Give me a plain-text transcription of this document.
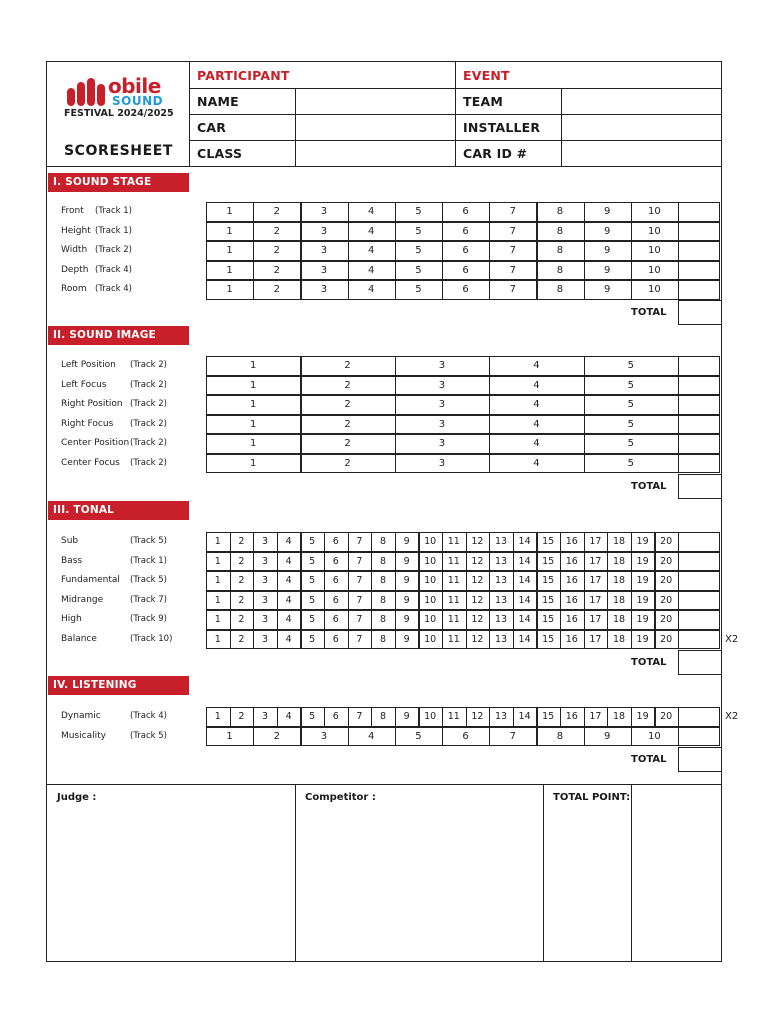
obile
SOUND
FESTIVAL 2024/2025
SCORESHEET
PARTICIPANT	EVENT
NAME	TEAM
CAR	INSTALLER
CLASS	CAR ID #
I. SOUND STAGE
Front (Track 1)	1	2	3	4	5	6	7	8	9	10
Height (Track 1)	1	2	3	4	5	6	7	8	9	10
Width (Track 2)	1	2	3	4	5	6	7	8	9	10
Depth (Track 4)	1	2	3	4	5	6	7	8	9	10
Room (Track 4)	1	2	3	4	5	6	7	8	9	10
TOTAL
II. SOUND IMAGE
Left Position (Track 2)	1	2	3	4	5
Left Focus	(Track 2)	1	2	3	4	5
Right Position (Track 2)	1	2	3	4	5
Right Focus (Track 2)	1	2	3	4	5
Center Position (Track 2)	1	2	3	4	5
Center Focus (Track 2)	1	2	3	4	5
TOTAL
III. TONAL
Sub	(Track 5)	1	2	3	4	5	6	7	8	9	10	11	12	13	14	15	16	17	18	19	20
Bass	(Track 1)	1	2	3	4	5	6	7	8	9	10	11	12	13	14	15	16	17	18	19	20
Fundamental (Track 5)	1	2	3	4	5	6	7	8	9	10	11	12	13	14	15	16	17	18	19	20
Midrange	(Track 7)	1	2	3	4	5	6	7	8	9	10	11	12	13	14	15	16	17	18	19	20
High	(Track 9)	1	2	3	4	5	6	7	8	9	10	11	12	13	14	15	16	17	18	19	20
Balance	(Track 10)	1	2	3	4	5	6	7	8	9	10	11	12	13	14	15	16	17	18	19	20	X2
TOTAL
IV. LISTENING PLEASURE
Dynamic	(Track 4)	1	2	3	4	5	6	7	8	9	10	11	12	13	14	15	16	17	18	19	20	X2
Musicality	(Track 5)	1	2	3	4	5	6	7	8	9	10
TOTAL
Judge :	Competitor :	TOTAL POINT:
